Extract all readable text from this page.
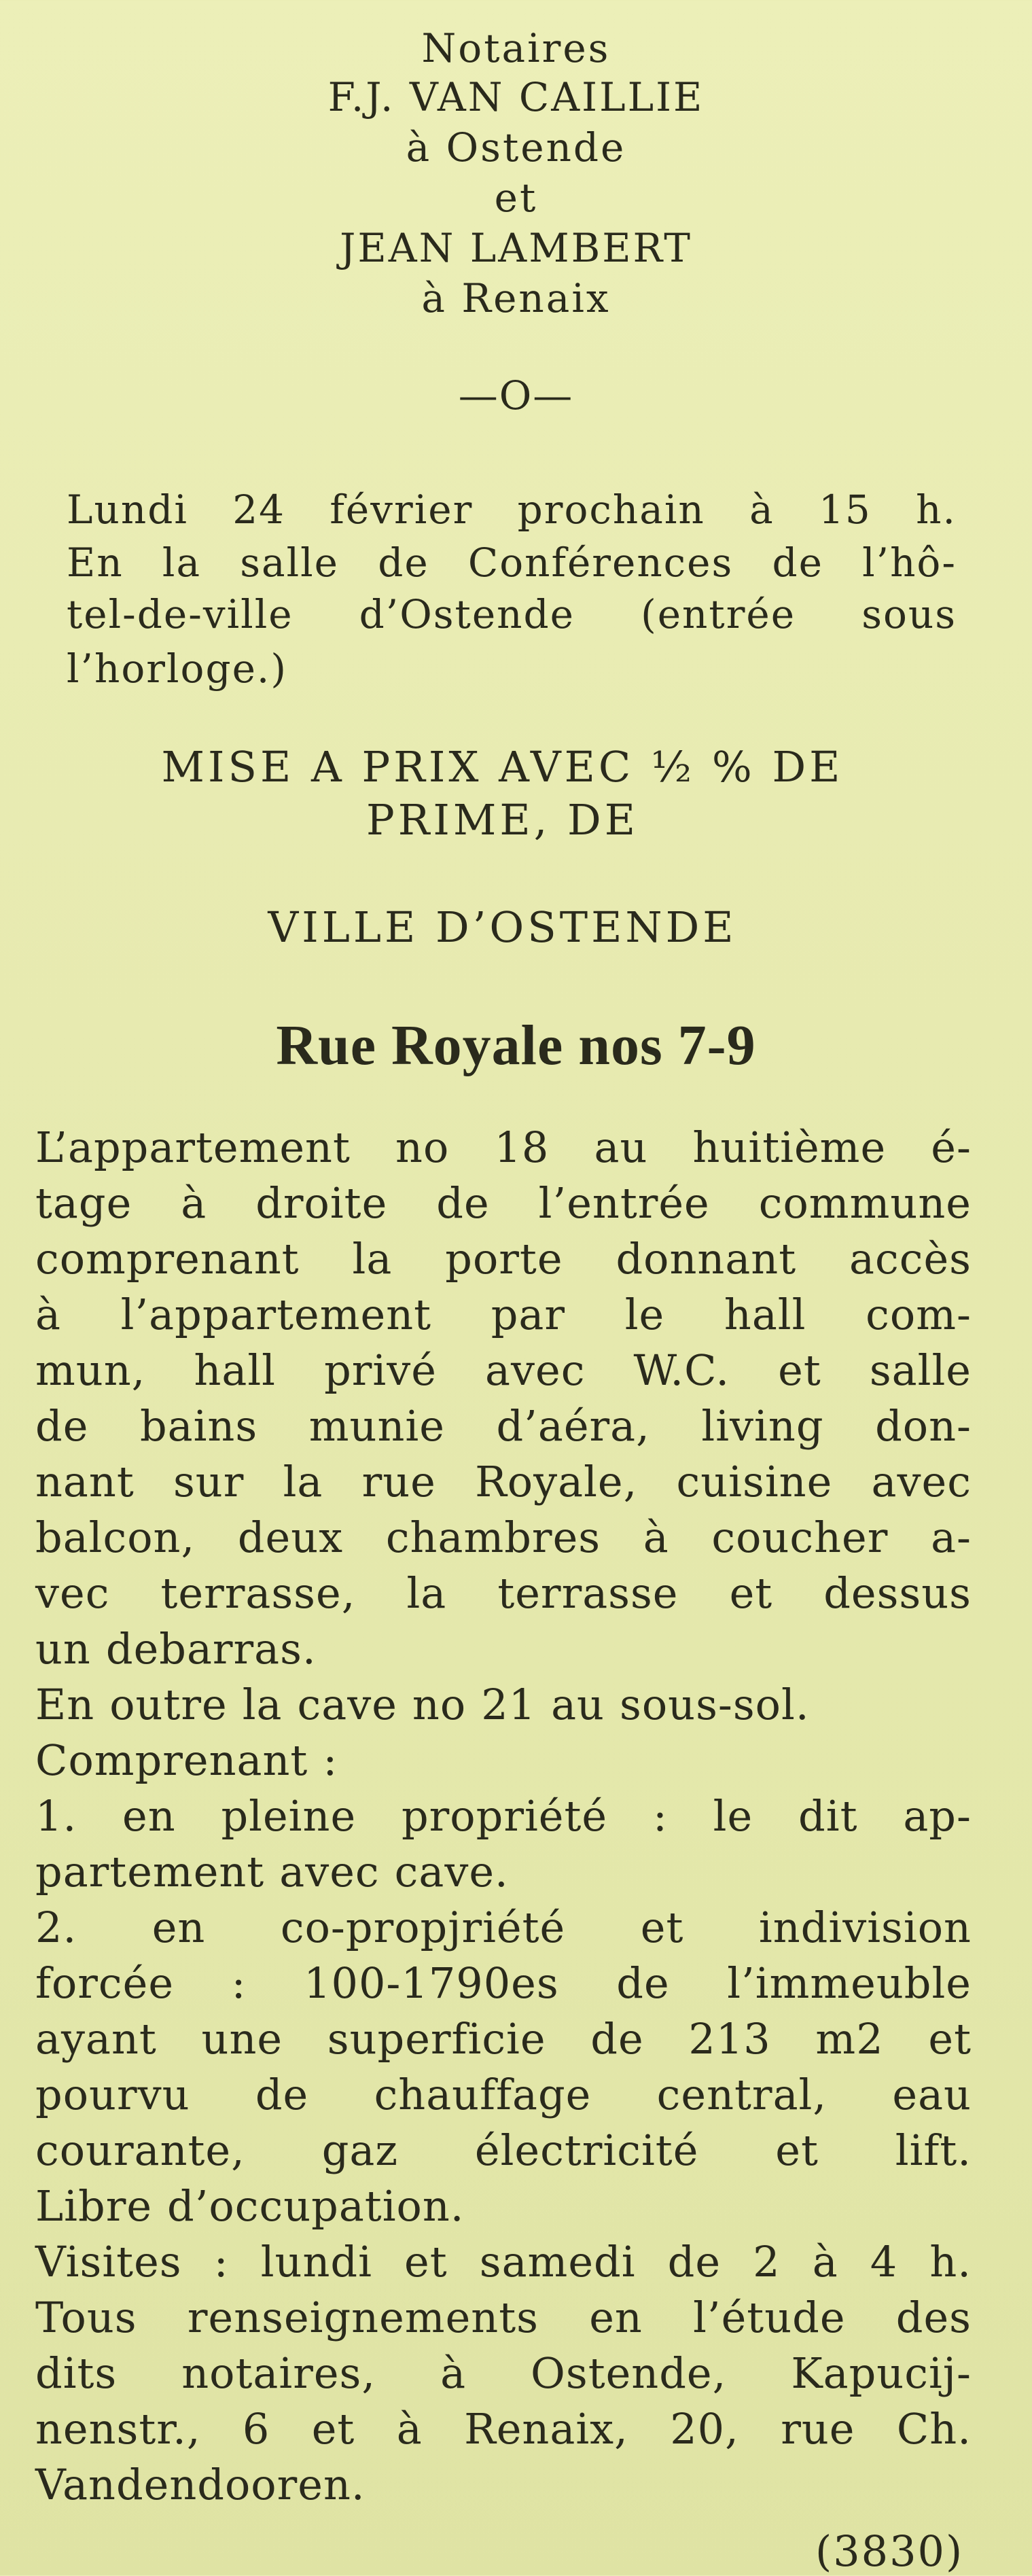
Notaires
F.J. VAN CAILLIE
à Ostende
et
JEAN LAMBERT
à Renaix
—O—
Lundi 24 février prochain à 15 h.
En la salle de Conférences de l’hô-
tel-de-ville d’Ostende (entrée sous
l’horloge.)
MISE A PRIX AVEC ½ % DE
PRIME, DE
VILLE D’OSTENDE
Rue Royale nos 7-9
L’appartement no 18 au huitième é-
tage à droite de l’entrée commune
comprenant la porte donnant accès
à l’appartement par le hall com-
mun, hall privé avec W.C. et salle
de bains munie d’aéra, living don-
nant sur la rue Royale, cuisine avec
balcon, deux chambres à coucher a-
vec terrasse, la terrasse et dessus
un debarras.
En outre la cave no 21 au sous-sol.
Comprenant :
1. en pleine propriété : le dit ap-
partement avec cave.
2. en co-propjriété et indivision
forcée : 100-1790es de l’immeuble
ayant une superficie de 213 m2 et
pourvu de chauffage central, eau
courante, gaz électricité et lift.
Libre d’occupation.
Visites : lundi et samedi de 2 à 4 h.
Tous renseignements en l’étude des
dits notaires, à Ostende, Kapucij-
nenstr., 6 et à Renaix, 20, rue Ch.
Vandendooren.
(3830)
